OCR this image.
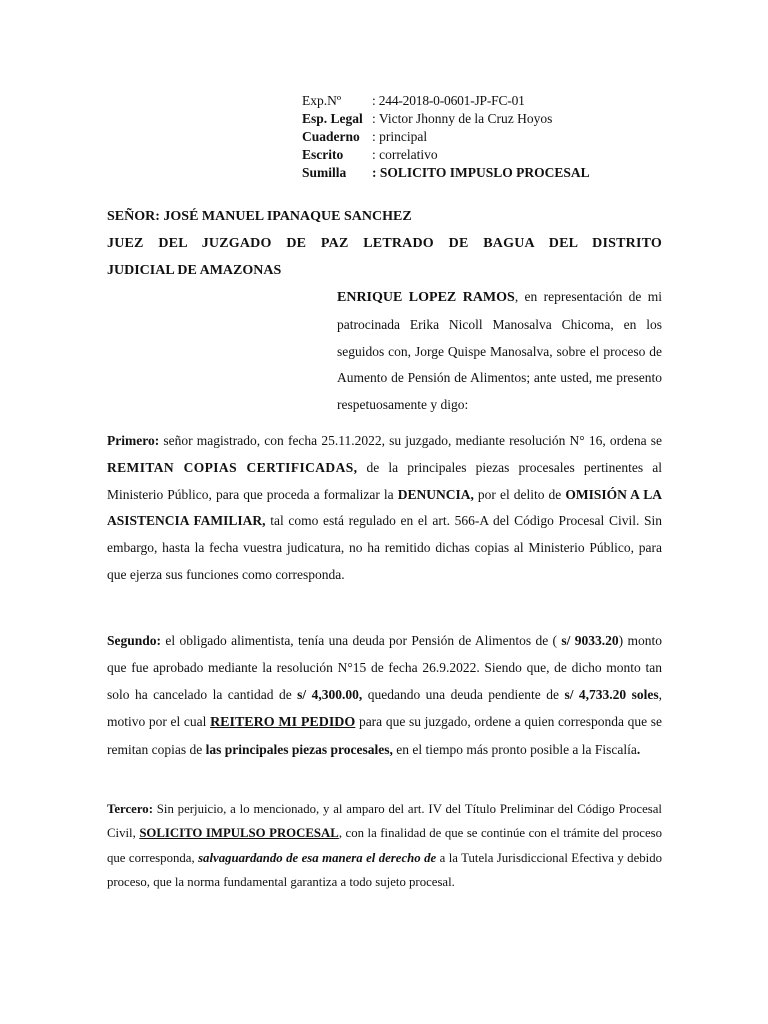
Exp.Nº	: 244-2018-0-0601-JP-FC-01
Esp. Legal : Victor Jhonny de la Cruz Hoyos
Cuaderno : principal
Escrito	: correlativo
Sumilla	: SOLICITO IMPUSLO PROCESAL
SEÑOR: JOSÉ MANUEL IPANAQUE SANCHEZ
JUEZ DEL JUZGADO DE PAZ LETRADO DE BAGUA DEL DISTRITO
JUDICIAL DE AMAZONAS
ENRIQUE LOPEZ RAMOS, en representación de mi patrocinada Erika Nicoll Manosalva Chicoma, en los seguidos con, Jorge Quispe Manosalva, sobre el proceso de Aumento de Pensión de Alimentos; ante usted, me presento respetuosamente y digo:
Primero: señor magistrado, con fecha 25.11.2022, su juzgado, mediante resolución N° 16, ordena se REMITAN COPIAS CERTIFICADAS, de la principales piezas procesales pertinentes al Ministerio Público, para que proceda a formalizar la DENUNCIA, por el delito de OMISIÓN A LA ASISTENCIA FAMILIAR, tal como está regulado en el art. 566-A del Código Procesal Civil. Sin embargo, hasta la fecha vuestra judicatura, no ha remitido dichas copias al Ministerio Público, para que ejerza sus funciones como corresponda.
Segundo: el obligado alimentista, tenía una deuda por Pensión de Alimentos de ( s/ 9033.20) monto que fue aprobado mediante la resolución N°15 de fecha 26.9.2022. Siendo que, de dicho monto tan solo ha cancelado la cantidad de s/ 4,300.00, quedando una deuda pendiente de s/ 4,733.20 soles, motivo por el cual REITERO MI PEDIDO para que su juzgado, ordene a quien corresponda que se remitan copias de las principales piezas procesales, en el tiempo más pronto posible a la Fiscalía.
Tercero: Sin perjuicio, a lo mencionado, y al amparo del art. IV del Título Preliminar del Código Procesal Civil, SOLICITO IMPULSO PROCESAL, con la finalidad de que se continúe con el trámite del proceso que corresponda, salvaguardando de esa manera el derecho de a la Tutela Jurisdiccional Efectiva y debido proceso, que la norma fundamental garantiza a todo sujeto procesal.
